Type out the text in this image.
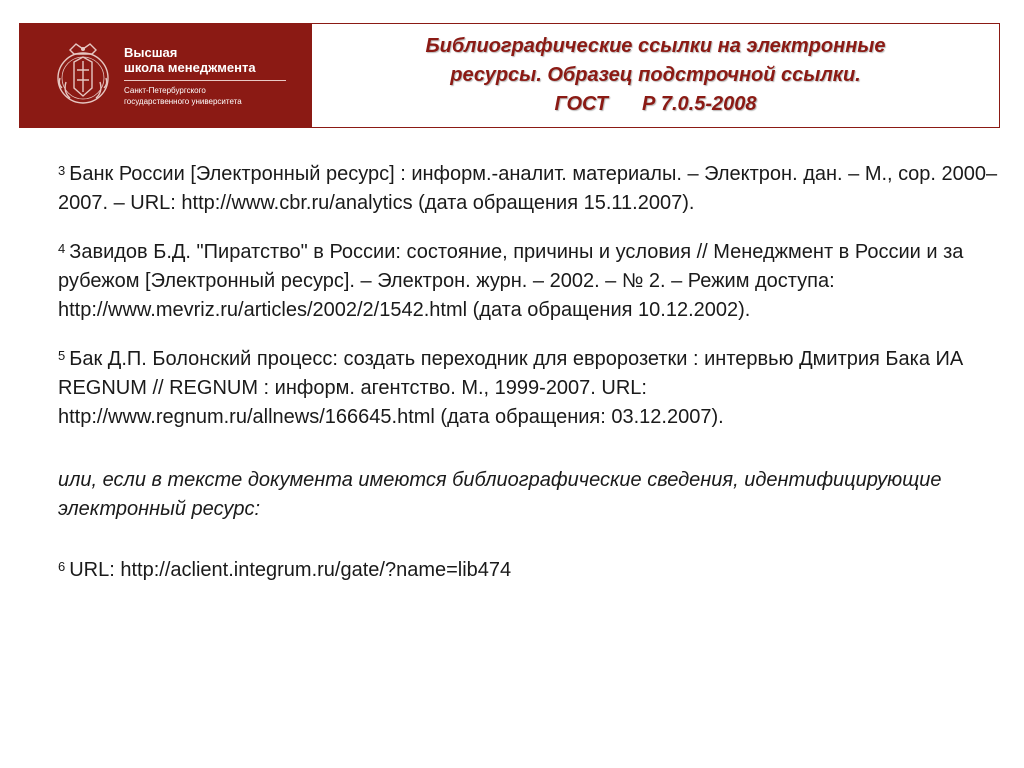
Высшая
школа менеджмента
Санкт-Петербургского
государственного университета
Библиографические ссылки на электронные
ресурсы. Образец подстрочной ссылки.
ГОСТ Р 7.0.5-2008

$^3$ Банк России [Электронный ресурс] : информ.-аналит. материалы. – Электрон. дан. – М., cop. 2000–2007. – URL: http://www.cbr.ru/analytics (дата обращения 15.11.2007).

$^4$ Завидов Б.Д. "Пиратство" в России: состояние, причины и условия // Менеджмент в России и за рубежом [Электронный ресурс]. – Электрон. журн. – 2002. – № 2. – Режим доступа: http://www.mevriz.ru/articles/2002/2/1542.html (дата обращения 10.12.2002).

$^5$ Бак Д.П. Болонский процесс: создать переходник для евророзетки : интервью Дмитрия Бака ИА REGNUM // REGNUM : информ. агентство. М., 1999-2007. URL: http://www.regnum.ru/allnews/166645.html (дата обращения: 03.12.2007).

или, если в тексте документа имеются библиографические сведения, идентифицирующие электронный ресурс:

$^6$ URL: http://aclient.integrum.ru/gate/?name=lib474
